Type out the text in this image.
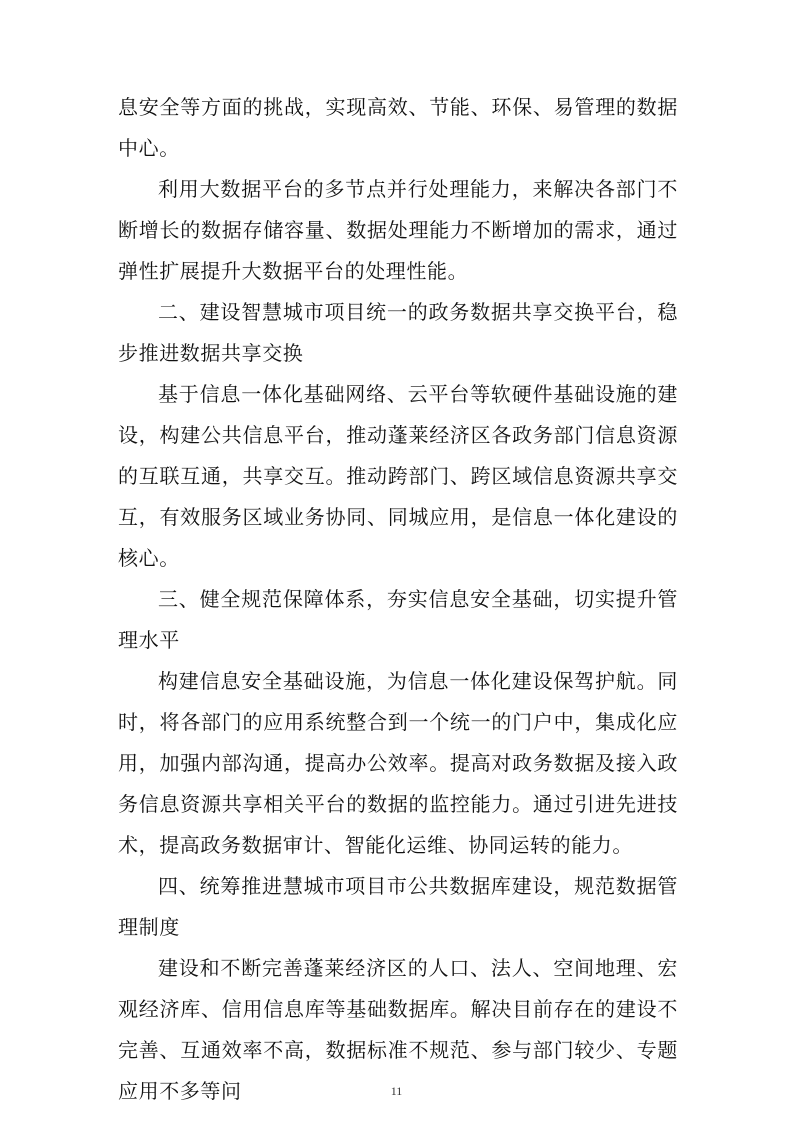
息安全等方面的挑战，实现高效、节能、环保、易管理的数据中心。

利用大数据平台的多节点并行处理能力，来解决各部门不断增长的数据存储容量、数据处理能力不断增加的需求，通过弹性扩展提升大数据平台的处理性能。

二、建设智慧城市项目统一的政务数据共享交换平台，稳步推进数据共享交换

基于信息一体化基础网络、云平台等软硬件基础设施的建设，构建公共信息平台，推动蓬莱经济区各政务部门信息资源的互联互通，共享交互。推动跨部门、跨区域信息资源共享交互，有效服务区域业务协同、同城应用，是信息一体化建设的核心。

三、健全规范保障体系，夯实信息安全基础，切实提升管理水平

构建信息安全基础设施，为信息一体化建设保驾护航。同时，将各部门的应用系统整合到一个统一的门户中，集成化应用，加强内部沟通，提高办公效率。提高对政务数据及接入政务信息资源共享相关平台的数据的监控能力。通过引进先进技术，提高政务数据审计、智能化运维、协同运转的能力。

四、统筹推进慧城市项目市公共数据库建设，规范数据管理制度

建设和不断完善蓬莱经济区的人口、法人、空间地理、宏观经济库、信用信息库等基础数据库。解决目前存在的建设不完善、互通效率不高，数据标准不规范、参与部门较少、专题应用不多等问	11
